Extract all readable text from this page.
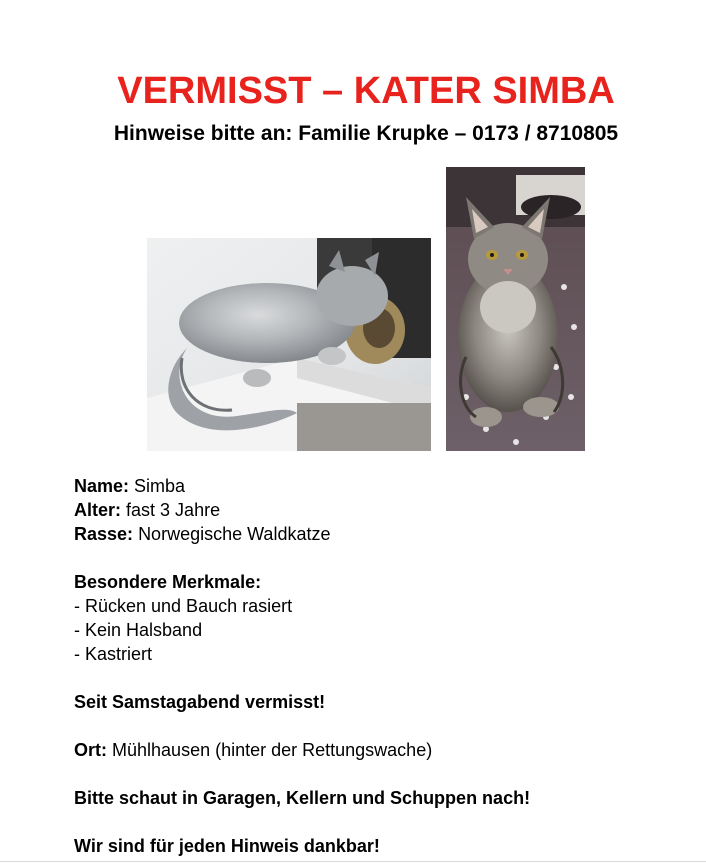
VERMISST – KATER SIMBA
Hinweise bitte an: Familie Krupke – 0173 / 8710805
Name: Simba
Alter: fast 3 Jahre
Rasse: Norwegische Waldkatze
Besondere Merkmale:
- Rücken und Bauch rasiert
- Kein Halsband
- Kastriert
Seit Samstagabend vermisst!
Ort: Mühlhausen (hinter der Rettungswache)
Bitte schaut in Garagen, Kellern und Schuppen nach!
Wir sind für jeden Hinweis dankbar!
